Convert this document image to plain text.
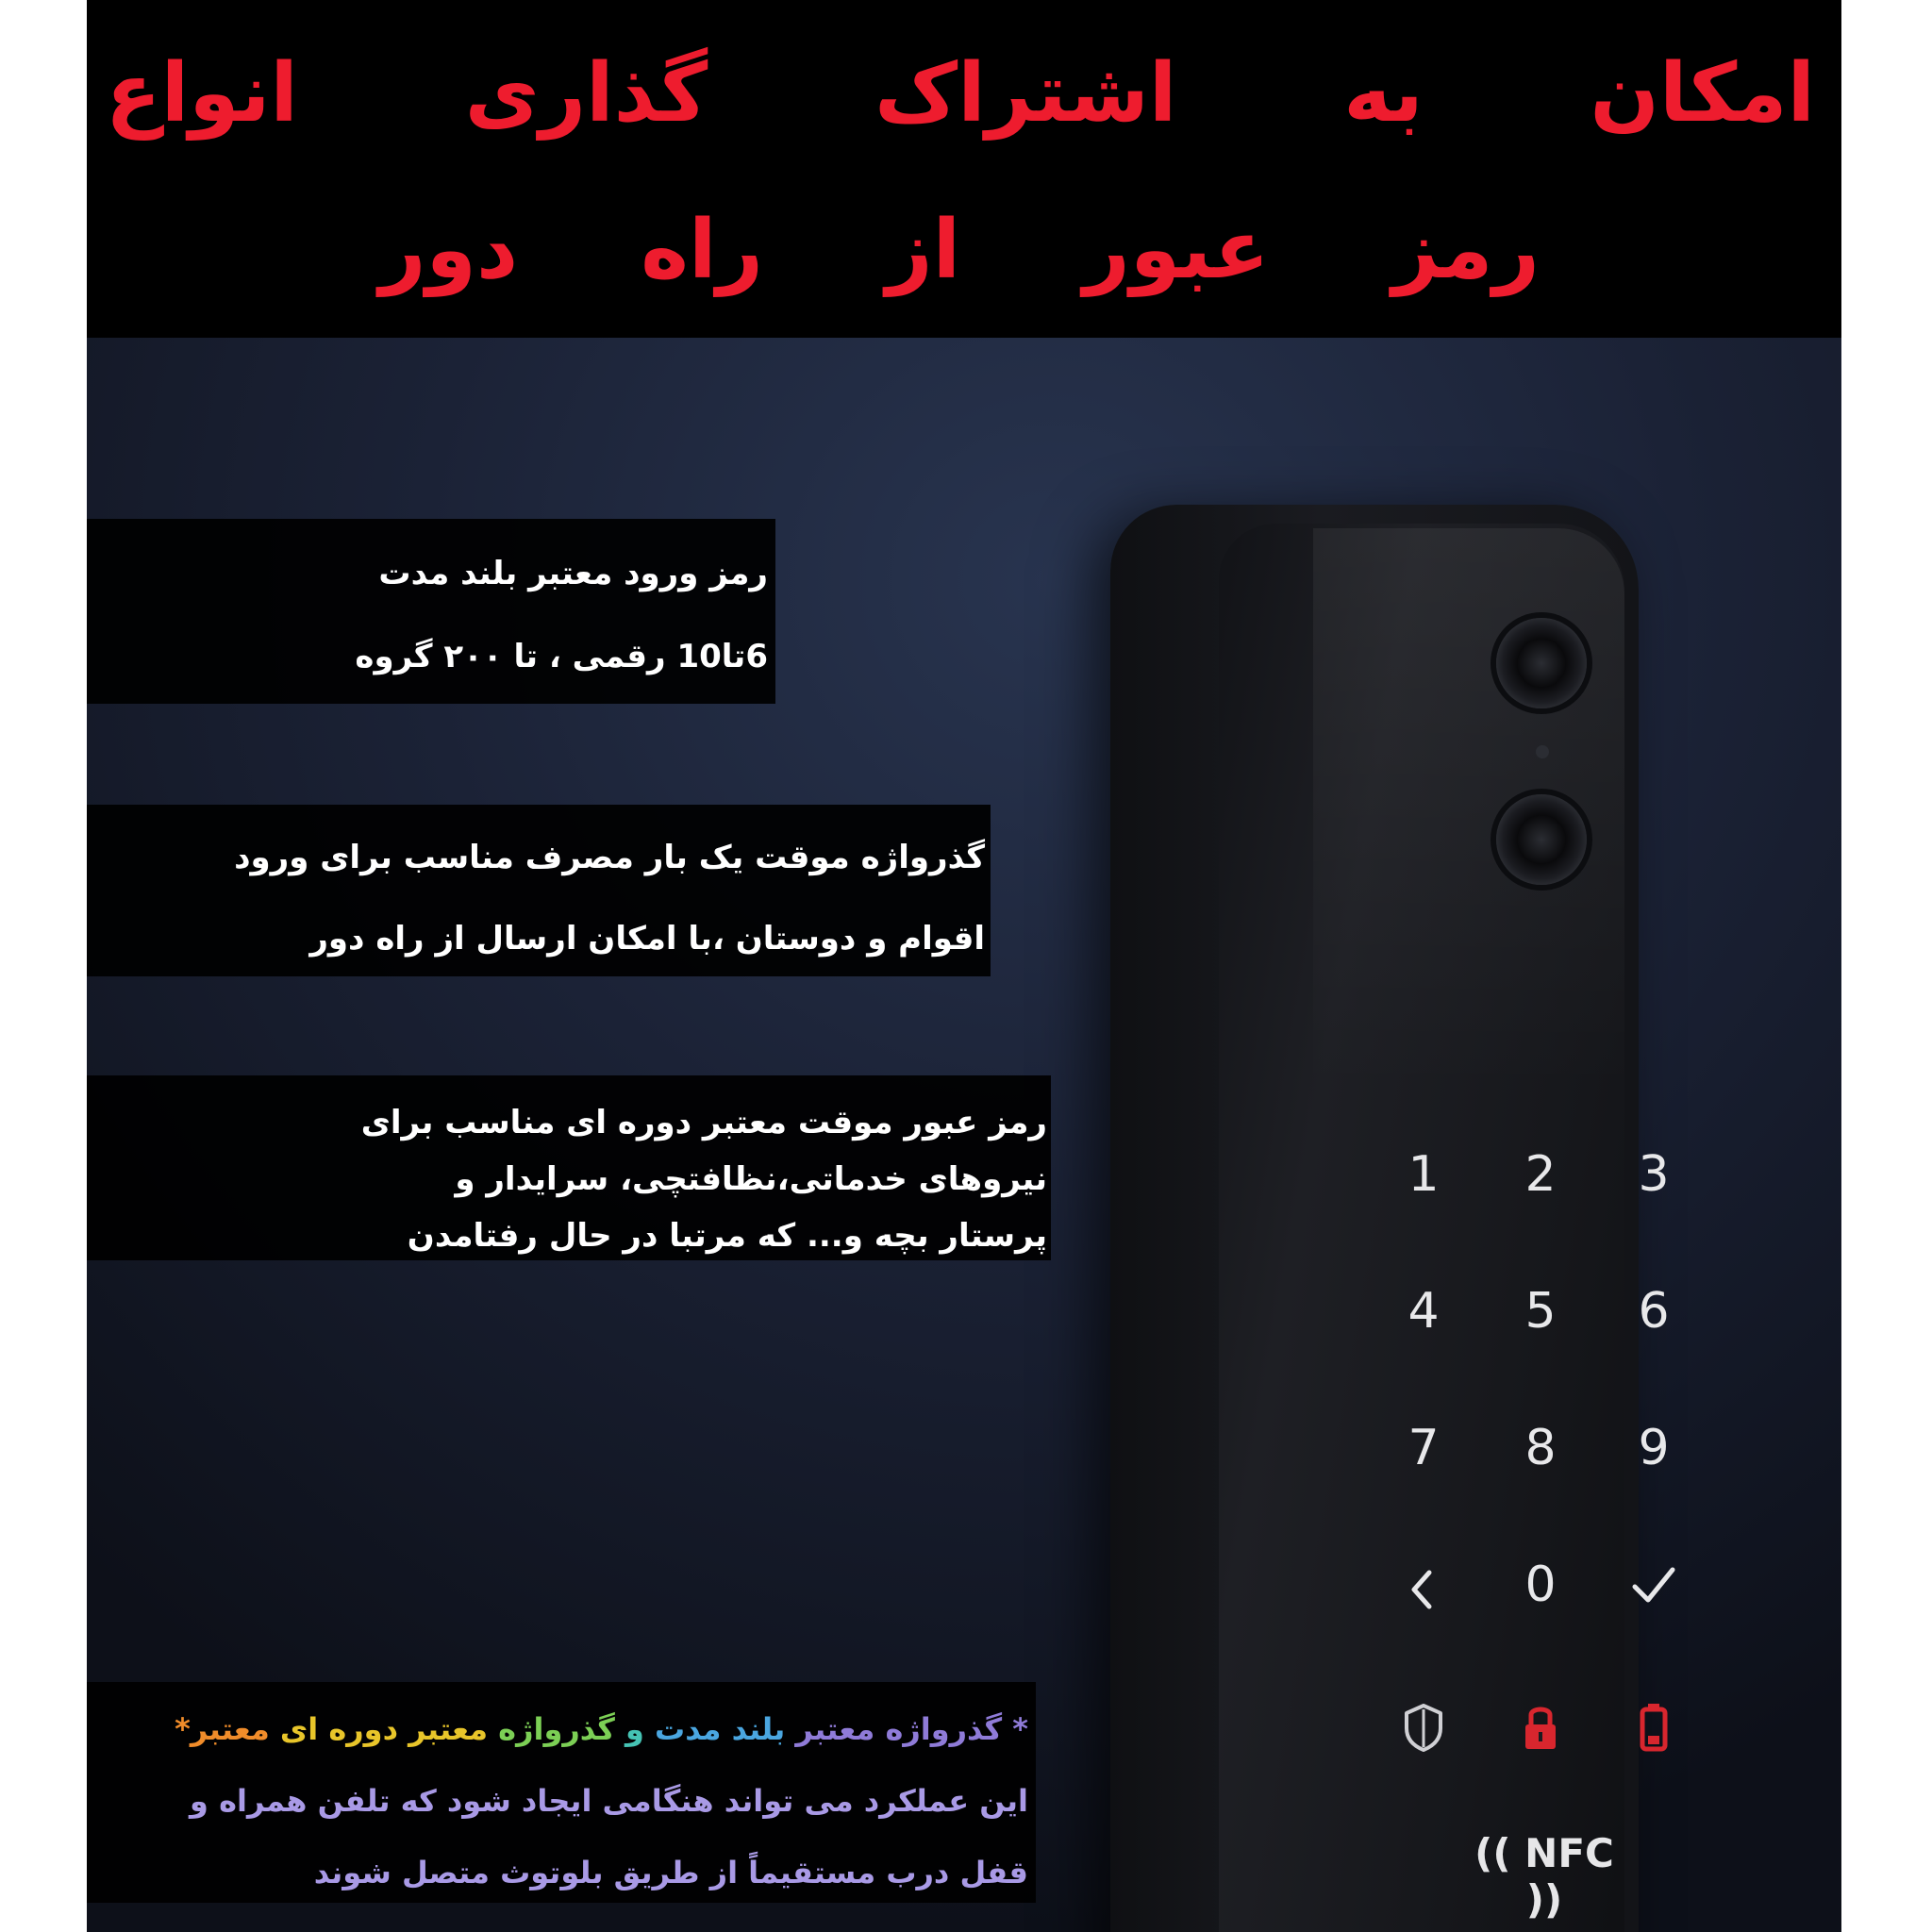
امکان به اشتراک گذاری انواع
رمز عبور از راه دور
1	2	3
4	5	6
7	8	9
0
(( NFC ))
رمز ورود معتبر بلند مدت
6تا10 رقمی ، تا ۲۰۰ گروه
گذرواژه موقت یک بار مصرف مناسب برای ورود
اقوام و دوستان ،با امکان ارسال از راه دور
رمز عبور موقت معتبر دوره ای مناسب برای
نیروهای خدماتی،نظافتچی، سرایدار و
پرستار بچه و... که مرتبا در حال رفتامدن
* گذرواژه معتبر بلند مدت و گذرواژه معتبر دوره ای معتبر*
این عملکرد می تواند هنگامی ایجاد شود که تلفن همراه و
قفل درب مستقیماً از طریق بلوتوث متصل شوند
